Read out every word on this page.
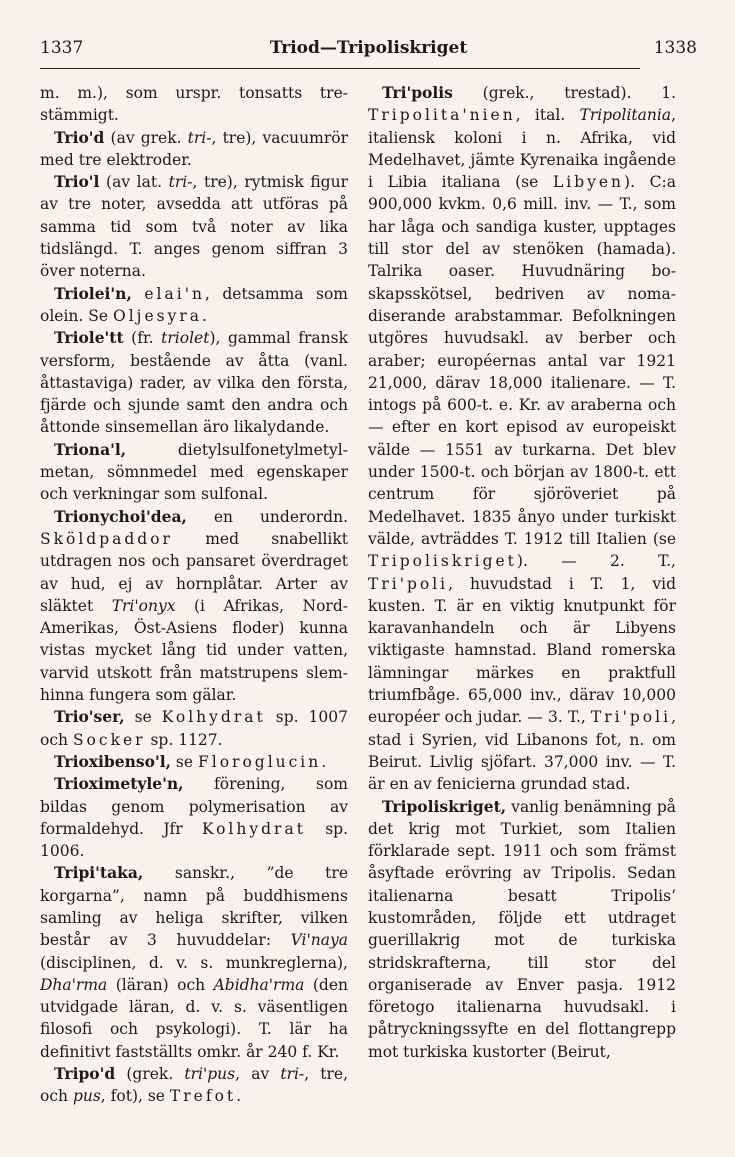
1337	Triod—Tripoliskriget	1338

m. m.), som urspr. tonsatts trestämmigt.

Trio'd (av grek. tri-, tre), vacuumrör med tre elektroder.

Trio'l (av lat. tri-, tre), rytmisk figur av tre noter, avsedda att utföras på samma tid som två noter av lika tidslängd. T. anges genom siffran 3 över noterna.

Triolei'n, elai'n, detsamma som olein. Se Oljesyra.

Triole'tt (fr. triolet), gammal fransk versform, bestående av åtta (vanl. åttastaviga) rader, av vilka den första, fjärde och sjunde samt den andra och åttonde sinsemellan äro likalydande.

Triona'l, dietylsulfonetylmetylmetan, sömnmedel med egenskaper och verkningar som sulfonal.

Trionychoi'dea, en underordn. Sköldpaddor med snabellikt utdragen nos och pansaret överdraget av hud, ej av hornplåtar. Arter av släktet Tri'onyx (i Afrikas, Nord-Amerikas, Öst-Asiens floder) kunna vistas mycket lång tid under vatten, varvid utskott från matstrupens slemhinna fungera som gälar.

Trio'ser, se Kolhydrat sp. 1007 och Socker sp. 1127.

Trioxibenso'l, se Floroglucin.

Trioximetyle'n, förening, som bildas genom polymerisation av formaldehyd. Jfr Kolhydrat sp. 1006.

Tripi'taka, sanskr., ”de tre korgarna”, namn på buddhismens samling av heliga skrifter, vilken består av 3 huvuddelar: Vi'naya (disciplinen, d. v. s. munkreglerna), Dha'rma (läran) och Abidha'rma (den utvidgade läran, d. v. s. väsentligen filosofi och psykologi). T. lär ha definitivt fastställts omkr. år 240 f. Kr.

Tripo'd (grek. tri'pus, av tri-, tre, och pus, fot), se Trefot.

Tri'polis (grek., trestad). 1. Tripolita'nien, ital. Tripolitania, italiensk koloni i n. Afrika, vid Medelhavet, jämte Kyrenaika ingående i Libia italiana (se Libyen). C:a 900,000 kvkm. 0,6 mill. inv. — T., som har låga och sandiga kuster, upptages till stor del av stenöken (hamada). Talrika oaser. Huvudnäring boskapsskötsel, bedriven av nomadiserande arabstammar. Befolkningen utgöres huvudsakl. av berber och araber; européernas antal var 1921 21,000, därav 18,000 italienare. — T. intogs på 600-t. e. Kr. av araberna och — efter en kort episod av europeiskt välde — 1551 av turkarna. Det blev under 1500-t. och början av 1800-t. ett centrum för sjöröveriet på Medelhavet. 1835 ånyo under turkiskt välde, avträddes T. 1912 till Italien (se Tripoliskriget). — 2. T., Tri'poli, huvudstad i T. 1, vid kusten. T. är en viktig knutpunkt för karavanhandeln och är Libyens viktigaste hamnstad. Bland romerska lämningar märkes en praktfull triumfbåge. 65,000 inv., därav 10,000 européer och judar. — 3. T., Tri'poli, stad i Syrien, vid Libanons fot, n. om Beirut. Livlig sjöfart. 37,000 inv. — T. är en av fenicierna grundad stad.

Tripoliskriget, vanlig benämning på det krig mot Turkiet, som Italien förklarade sept. 1911 och som främst åsyftade erövring av Tripolis. Sedan italienarna besatt Tripolis’ kustområden, följde ett utdraget guerillakrig mot de turkiska stridskrafterna, till stor del organiserade av Enver pasja. 1912 företogo italienarna huvudsakl. i påtryckningssyfte en del flottangrepp mot turkiska kustorter (Beirut,
